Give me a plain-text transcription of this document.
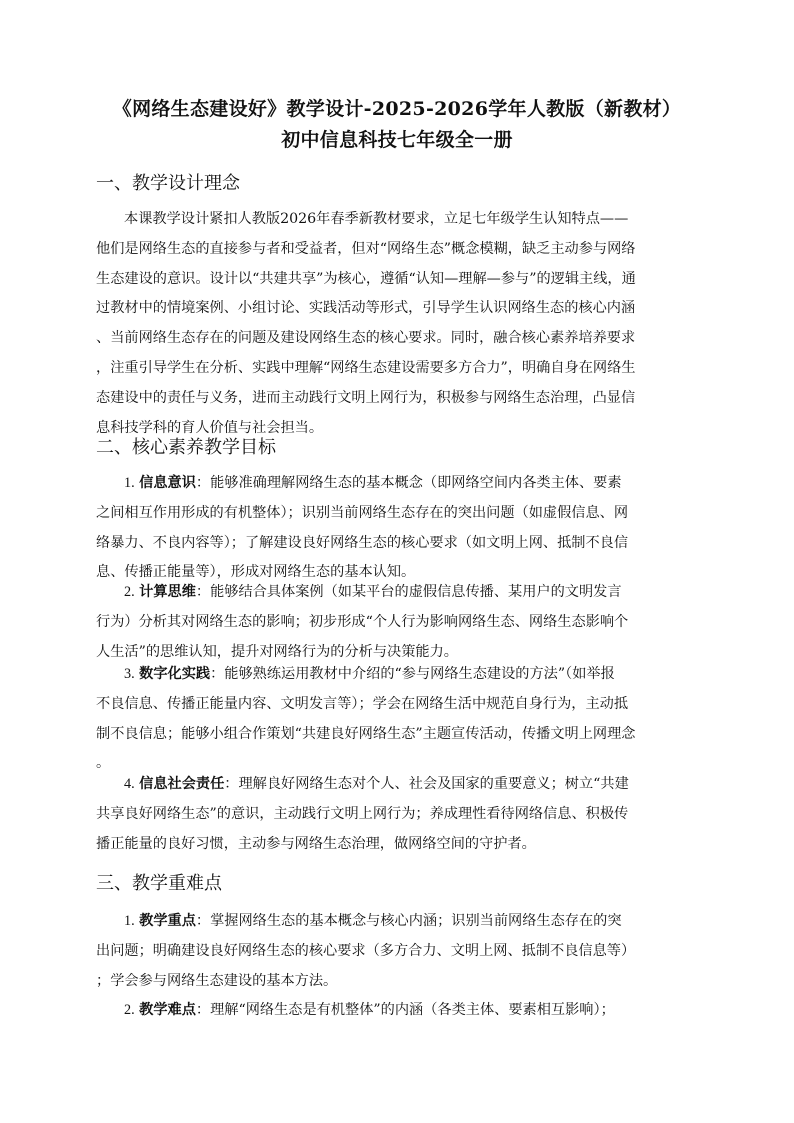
《网络生态建设好》教学设计-2025-2026学年人教版（新教材）
初中信息科技七年级全一册
一、教学设计理念
本课教学设计紧扣人教版2026年春季新教材要求，立足七年级学生认知特点——
他们是网络生态的直接参与者和受益者，但对“网络生态”概念模糊，缺乏主动参与网络
生态建设的意识。设计以“共建共享”为核心，遵循“认知—理解—参与”的逻辑主线，通
过教材中的情境案例、小组讨论、实践活动等形式，引导学生认识网络生态的核心内涵
、当前网络生态存在的问题及建设网络生态的核心要求。同时，融合核心素养培养要求
，注重引导学生在分析、实践中理解“网络生态建设需要多方合力”，明确自身在网络生
态建设中的责任与义务，进而主动践行文明上网行为，积极参与网络生态治理，凸显信
息科技学科的育人价值与社会担当。
二、核心素养教学目标
1. 信息意识：能够准确理解网络生态的基本概念（即网络空间内各类主体、要素
之间相互作用形成的有机整体）；识别当前网络生态存在的突出问题（如虚假信息、网
络暴力、不良内容等）；了解建设良好网络生态的核心要求（如文明上网、抵制不良信
息、传播正能量等），形成对网络生态的基本认知。
2. 计算思维：能够结合具体案例（如某平台的虚假信息传播、某用户的文明发言
行为）分析其对网络生态的影响；初步形成“个人行为影响网络生态、网络生态影响个
人生活”的思维认知，提升对网络行为的分析与决策能力。
3. 数字化实践：能够熟练运用教材中介绍的“参与网络生态建设的方法”（如举报
不良信息、传播正能量内容、文明发言等）；学会在网络生活中规范自身行为，主动抵
制不良信息；能够小组合作策划“共建良好网络生态”主题宣传活动，传播文明上网理念
。
4. 信息社会责任：理解良好网络生态对个人、社会及国家的重要意义；树立“共建
共享良好网络生态”的意识，主动践行文明上网行为；养成理性看待网络信息、积极传
播正能量的良好习惯，主动参与网络生态治理，做网络空间的守护者。
三、教学重难点
1. 教学重点：掌握网络生态的基本概念与核心内涵；识别当前网络生态存在的突
出问题；明确建设良好网络生态的核心要求（多方合力、文明上网、抵制不良信息等）
；学会参与网络生态建设的基本方法。
2. 教学难点：理解“网络生态是有机整体”的内涵（各类主体、要素相互影响）；
